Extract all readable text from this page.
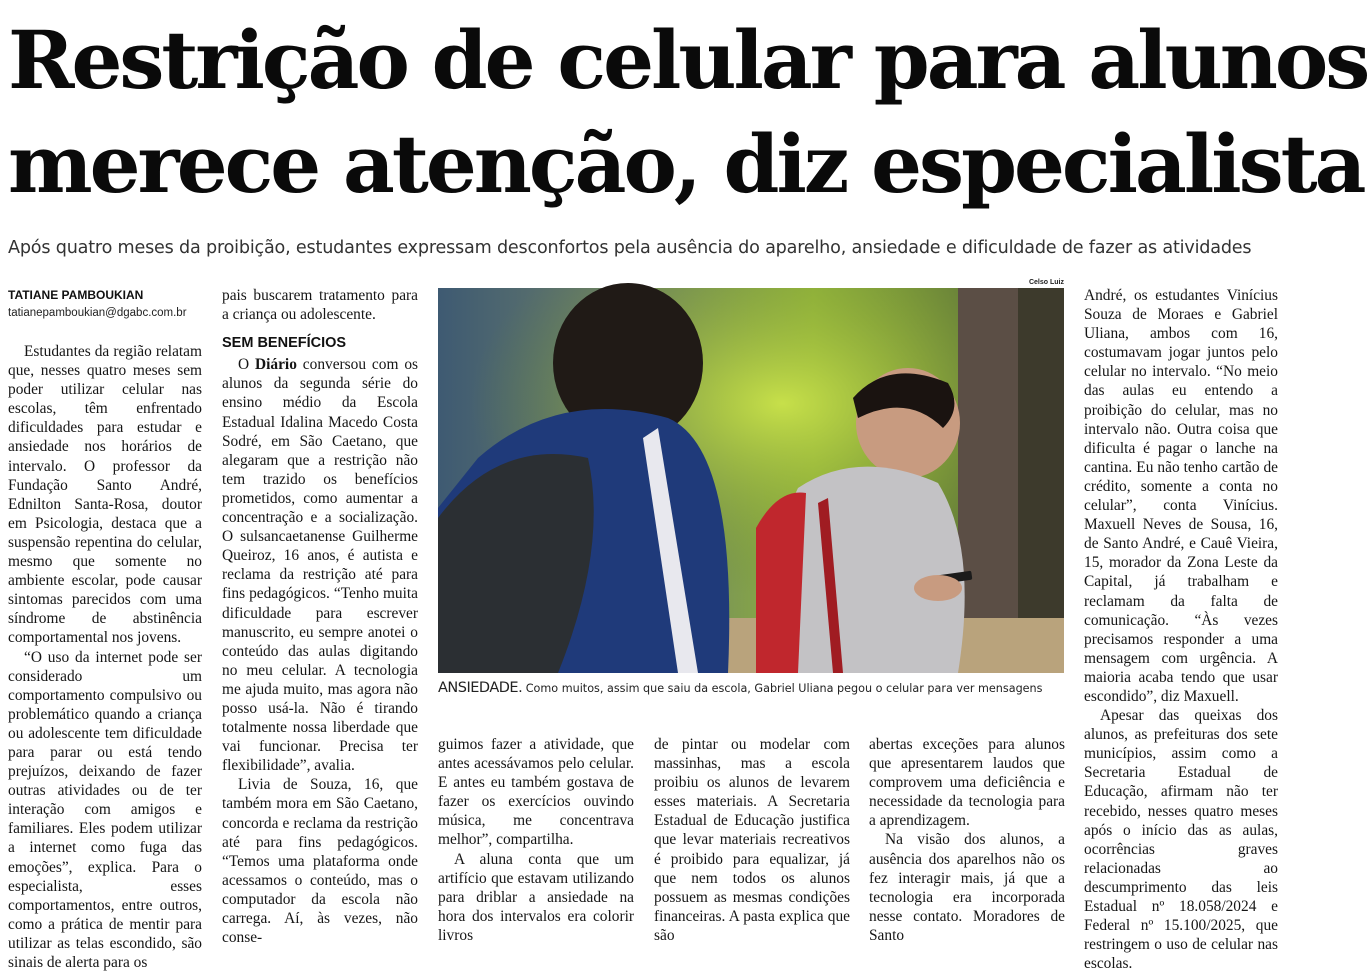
Restrição de celular para alunos
merece atenção, diz especialista
Após quatro meses da proibição, estudantes expressam desconfortos pela ausência do aparelho, ansiedade e dificuldade de fazer as atividades
TATIANE PAMBOUKIAN
tatianepamboukian@dgabc.com.br

Estudantes da região relatam que, nesses quatro meses sem poder utilizar celular nas escolas, têm enfrentado dificuldades para estudar e ansiedade nos horários de intervalo. O professor da Fundação Santo André, Ednilton Santa-Rosa, doutor em Psicologia, destaca que a suspensão repentina do celular, mesmo que somente no ambiente escolar, pode causar sintomas parecidos com uma síndrome de abstinência comportamental nos jovens.

“O uso da internet pode ser considerado um comportamento compulsivo ou problemático quando a criança ou adolescente tem dificuldade para parar ou está tendo prejuízos, deixando de fazer outras atividades ou de ter interação com amigos e familiares. Eles podem utilizar a internet como fuga das emoções”, explica. Para o especialista, esses comportamentos, entre outros, como a prática de mentir para utilizar as telas escondido, são sinais de alerta para os

pais buscarem tratamento para a criança ou adolescente.

SEM BENEFÍCIOS

O Diário conversou com os alunos da segunda série do ensino médio da Escola Estadual Idalina Macedo Costa Sodré, em São Caetano, que alegaram que a restrição não tem trazido os benefícios prometidos, como aumentar a concentração e a socialização. O sulsancaetanense Guilherme Queiroz, 16 anos, é autista e reclama da restrição até para fins pedagógicos. “Tenho muita dificuldade para escrever manuscrito, eu sempre anotei o conteúdo das aulas digitando no meu celular. A tecnologia me ajuda muito, mas agora não posso usá-la. Não é tirando totalmente nossa liberdade que vai funcionar. Precisa ter flexibilidade”, avalia.

Livia de Souza, 16, que também mora em São Caetano, concorda e reclama da restrição até para fins pedagógicos. “Temos uma plataforma onde acessamos o conteúdo, mas o computador da escola não carrega. Aí, às vezes, não conse-

Celso Luiz
ANSIEDADE. Como muitos, assim que saiu da escola, Gabriel Uliana pegou o celular para ver mensagens

guimos fazer a atividade, que antes acessávamos pelo celular. E antes eu também gostava de fazer os exercícios ouvindo música, me concentrava melhor”, compartilha.

A aluna conta que um artifício que estavam utilizando para driblar a ansiedade na hora dos intervalos era colorir livros

de pintar ou modelar com massinhas, mas a escola proibiu os alunos de levarem esses materiais. A Secretaria Estadual de Educação justifica que levar materiais recreativos é proibido para equalizar, já que nem todos os alunos possuem as mesmas condições financeiras. A pasta explica que são

abertas exceções para alunos que apresentarem laudos que comprovem uma deficiência e necessidade da tecnologia para a aprendizagem.

Na visão dos alunos, a ausência dos aparelhos não os fez interagir mais, já que a tecnologia era incorporada nesse contato. Moradores de Santo

André, os estudantes Vinícius Souza de Moraes e Gabriel Uliana, ambos com 16, costumavam jogar juntos pelo celular no intervalo. “No meio das aulas eu entendo a proibição do celular, mas no intervalo não. Outra coisa que dificulta é pagar o lanche na cantina. Eu não tenho cartão de crédito, somente a conta no celular”, conta Vinícius. Maxuell Neves de Sousa, 16, de Santo André, e Cauê Vieira, 15, morador da Zona Leste da Capital, já trabalham e reclamam da falta de comunicação. “Às vezes precisamos responder a uma mensagem com urgência. A maioria acaba tendo que usar escondido”, diz Maxuell.

Apesar das queixas dos alunos, as prefeituras dos sete municípios, assim como a Secretaria Estadual de Educação, afirmam não ter recebido, nesses quatro meses após o início das as aulas, ocorrências graves relacionadas ao descumprimento das leis Estadual nº 18.058/2024 e Federal nº 15.100/2025, que restringem o uso de celular nas escolas.
